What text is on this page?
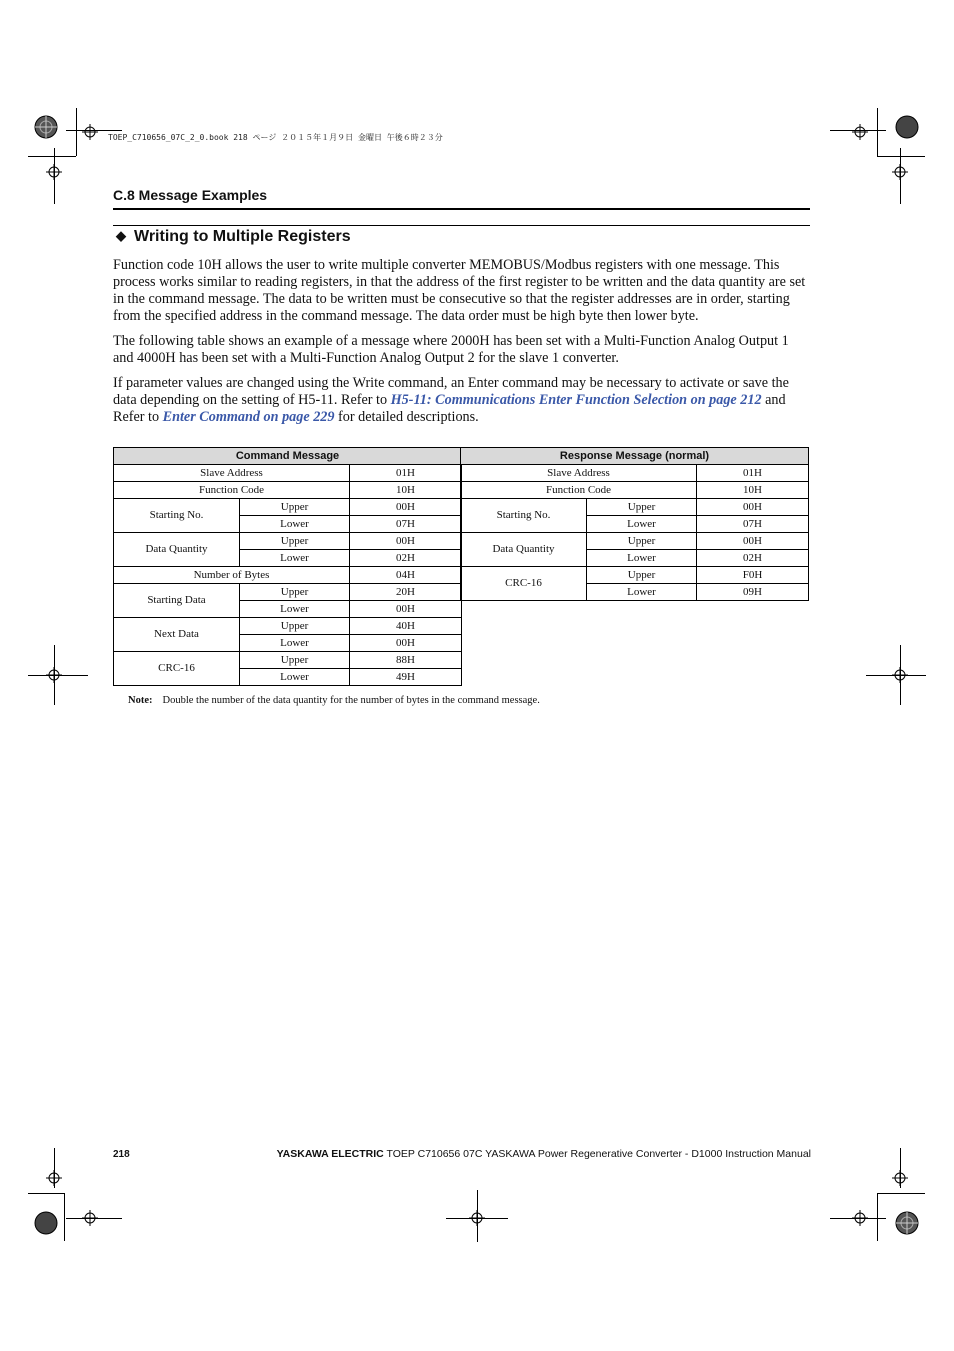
TOEP_C710656_07C_2_0.book 218 ページ ２０１５年１月９日 金曜日 午後６時２３分
C.8 Message Examples
◆ Writing to Multiple Registers

Function code 10H allows the user to write multiple converter MEMOBUS/Modbus registers with one message. This process works similar to reading registers, in that the address of the first register to be written and the data quantity are set in the command message. The data to be written must be consecutive so that the register addresses are in order, starting from the specified address in the command message. The data order must be high byte then lower byte.

The following table shows an example of a message where 2000H has been set with a Multi-Function Analog Output 1 and 4000H has been set with a Multi-Function Analog Output 2 for the slave 1 converter.

If parameter values are changed using the Write command, an Enter command may be necessary to activate or save the data depending on the setting of H5-11. Refer to H5-11: Communications Enter Function Selection on page 212 and Refer to Enter Command on page 229 for detailed descriptions.

Command Message		
Slave Address		01H
Function Code		10H
Starting No.	Upper	00H
	Lower	07H
Data Quantity	Upper	00H
	Lower	02H
Number of Bytes		04H
Starting Data	Upper	20H
	Lower	00H
Next Data	Upper	40H
	Lower	00H
CRC-16	Upper	88H
	Lower	49H
Response Message (normal)		
Slave Address		01H
Function Code		10H
Starting No.	Upper	00H
	Lower	07H
Data Quantity	Upper	00H
	Lower	02H
CRC-16	Upper	F0H
	Lower	09H
Note: Double the number of the data quantity for the number of bytes in the command message.
218	YASKAWA ELECTRIC TOEP C710656 07C YASKAWA Power Regenerative Converter - D1000 Instruction Manual
